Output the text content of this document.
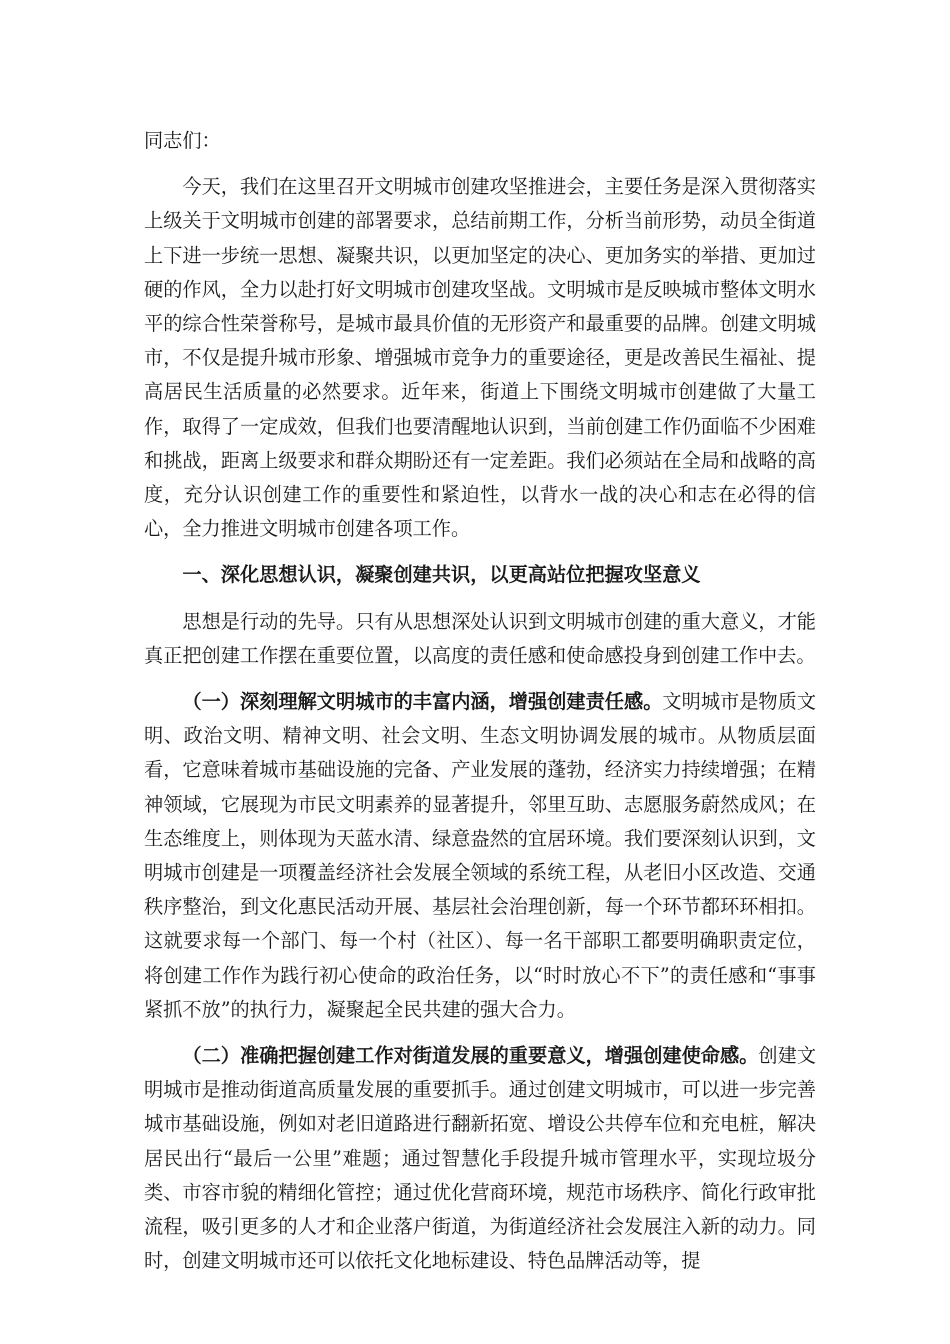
同志们：

今天，我们在这里召开文明城市创建攻坚推进会，主要任务是深入贯彻落实上级关于文明城市创建的部署要求，总结前期工作，分析当前形势，动员全街道上下进一步统一思想、凝聚共识，以更加坚定的决心、更加务实的举措、更加过硬的作风，全力以赴打好文明城市创建攻坚战。文明城市是反映城市整体文明水平的综合性荣誉称号，是城市最具价值的无形资产和最重要的品牌。创建文明城市，不仅是提升城市形象、增强城市竞争力的重要途径，更是改善民生福祉、提高居民生活质量的必然要求。近年来，街道上下围绕文明城市创建做了大量工作，取得了一定成效，但我们也要清醒地认识到，当前创建工作仍面临不少困难和挑战，距离上级要求和群众期盼还有一定差距。我们必须站在全局和战略的高度，充分认识创建工作的重要性和紧迫性，以背水一战的决心和志在必得的信心，全力推进文明城市创建各项工作。

一、深化思想认识，凝聚创建共识，以更高站位把握攻坚意义

思想是行动的先导。只有从思想深处认识到文明城市创建的重大意义，才能真正把创建工作摆在重要位置，以高度的责任感和使命感投身到创建工作中去。

（一）深刻理解文明城市的丰富内涵，增强创建责任感。文明城市是物质文明、政治文明、精神文明、社会文明、生态文明协调发展的城市。从物质层面看，它意味着城市基础设施的完备、产业发展的蓬勃，经济实力持续增强；在精神领域，它展现为市民文明素养的显著提升，邻里互助、志愿服务蔚然成风；在生态维度上，则体现为天蓝水清、绿意盎然的宜居环境。我们要深刻认识到，文明城市创建是一项覆盖经济社会发展全领域的系统工程，从老旧小区改造、交通秩序整治，到文化惠民活动开展、基层社会治理创新，每一个环节都环环相扣。这就要求每一个部门、每一个村（社区）、每一名干部职工都要明确职责定位，将创建工作作为践行初心使命的政治任务，以“时时放心不下”的责任感和“事事紧抓不放”的执行力，凝聚起全民共建的强大合力。

（二）准确把握创建工作对街道发展的重要意义，增强创建使命感。创建文明城市是推动街道高质量发展的重要抓手。通过创建文明城市，可以进一步完善城市基础设施，例如对老旧道路进行翻新拓宽、增设公共停车位和充电桩，解决居民出行“最后一公里”难题；通过智慧化手段提升城市管理水平，实现垃圾分类、市容市貌的精细化管控；通过优化营商环境，规范市场秩序、简化行政审批流程，吸引更多的人才和企业落户街道，为街道经济社会发展注入新的动力。同时，创建文明城市还可以依托文化地标建设、特色品牌活动等，提
